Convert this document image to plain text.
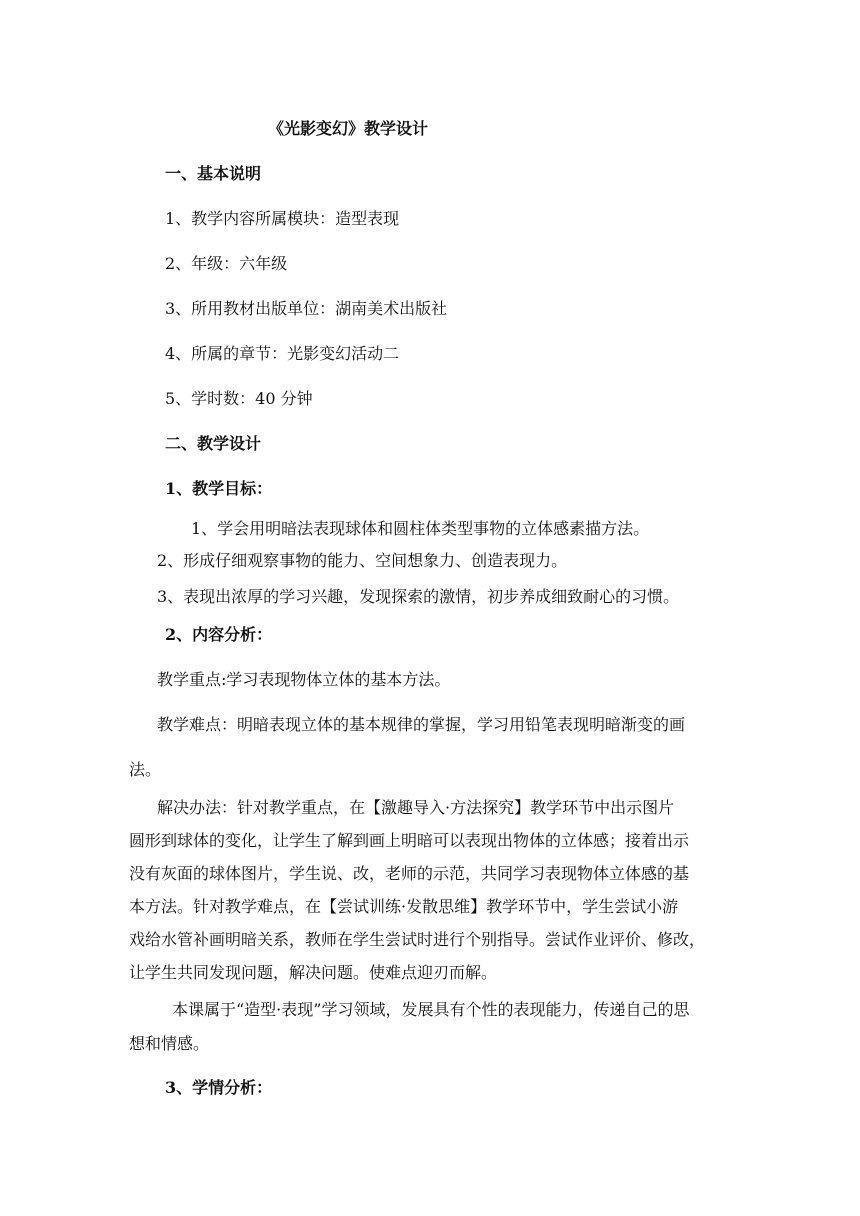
《光影变幻》教学设计
一、基本说明
1、教学内容所属模块：造型表现
2、年级：六年级
3、所用教材出版单位：湖南美术出版社
4、所属的章节：光影变幻活动二
5、学时数：40 分钟
二、教学设计
1、教学目标：
1、学会用明暗法表现球体和圆柱体类型事物的立体感素描方法。
2、形成仔细观察事物的能力、空间想象力、创造表现力。
3、表现出浓厚的学习兴趣，发现探索的激情，初步养成细致耐心的习惯。
2、内容分析：
教学重点:学习表现物体立体的基本方法。
教学难点：明暗表现立体的基本规律的掌握，学习用铅笔表现明暗渐变的画
法。
解决办法：针对教学重点，在【激趣导入·方法探究】教学环节中出示图片
圆形到球体的变化，让学生了解到画上明暗可以表现出物体的立体感；接着出示
没有灰面的球体图片，学生说、改，老师的示范，共同学习表现物体立体感的基
本方法。针对教学难点，在【尝试训练·发散思维】教学环节中，学生尝试小游
戏给水管补画明暗关系，教师在学生尝试时进行个别指导。尝试作业评价、修改，
让学生共同发现问题，解决问题。使难点迎刃而解。
本课属于“造型·表现”学习领域，发展具有个性的表现能力，传递自己的思
想和情感。
3、学情分析：
